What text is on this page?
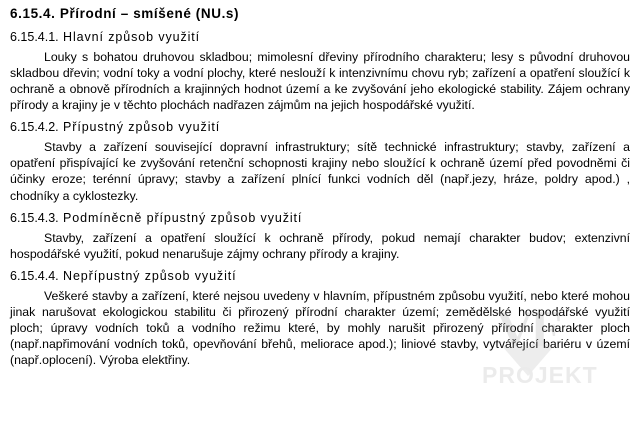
6.15.4. Přírodní – smíšené (NU.s)
6.15.4.1. Hlavní způsob využití

Louky s bohatou druhovou skladbou; mimolesní dřeviny přírodního charakteru; lesy s původní druhovou skladbou dřevin; vodní toky a vodní plochy, které neslouží k intenzivnímu chovu ryb; zařízení a opatření sloužící k ochraně a obnově přírodních a krajinných hodnot území a ke zvyšování jeho ekologické stability. Zájem ochrany přírody a krajiny je v těchto plochách nadřazen zájmům na jejich hospodářské využití.

6.15.4.2. Přípustný způsob využití

Stavby a zařízení související dopravní infrastruktury; sítě technické infrastruktury; stavby, zařízení a opatření přispívající ke zvyšování retenční schopnosti krajiny nebo sloužící k ochraně území před povodněmi či účinky eroze; terénní úpravy; stavby a zařízení plnící funkci vodních děl (např.jezy, hráze, poldry apod.) , chodníky a cyklostezky.

6.15.4.3. Podmíněcně přípustný způsob využití

Stavby, zařízení a opatření sloužící k ochraně přírody, pokud nemají charakter budov; extenzivní hospodářské využití, pokud nenarušuje zájmy ochrany přírody a krajiny.

6.15.4.4. Nepřípustný způsob využití

Veškeré stavby a zařízení, které nejsou uvedeny v hlavním, přípustném způsobu využití, nebo které mohou jinak narušovat ekologickou stabilitu či přirozený přírodní charakter území; zemědělské hospodářské využití ploch; úpravy vodních toků a vodního režimu které, by mohly narušit přirozený přírodní charakter ploch (např.napřimování vodních toků, opevňování břehů, meliorace apod.); liniové stavby, vytvářející bariéru v území (např.oplocení). Výroba elektřiny.

VF
PROJEKT
